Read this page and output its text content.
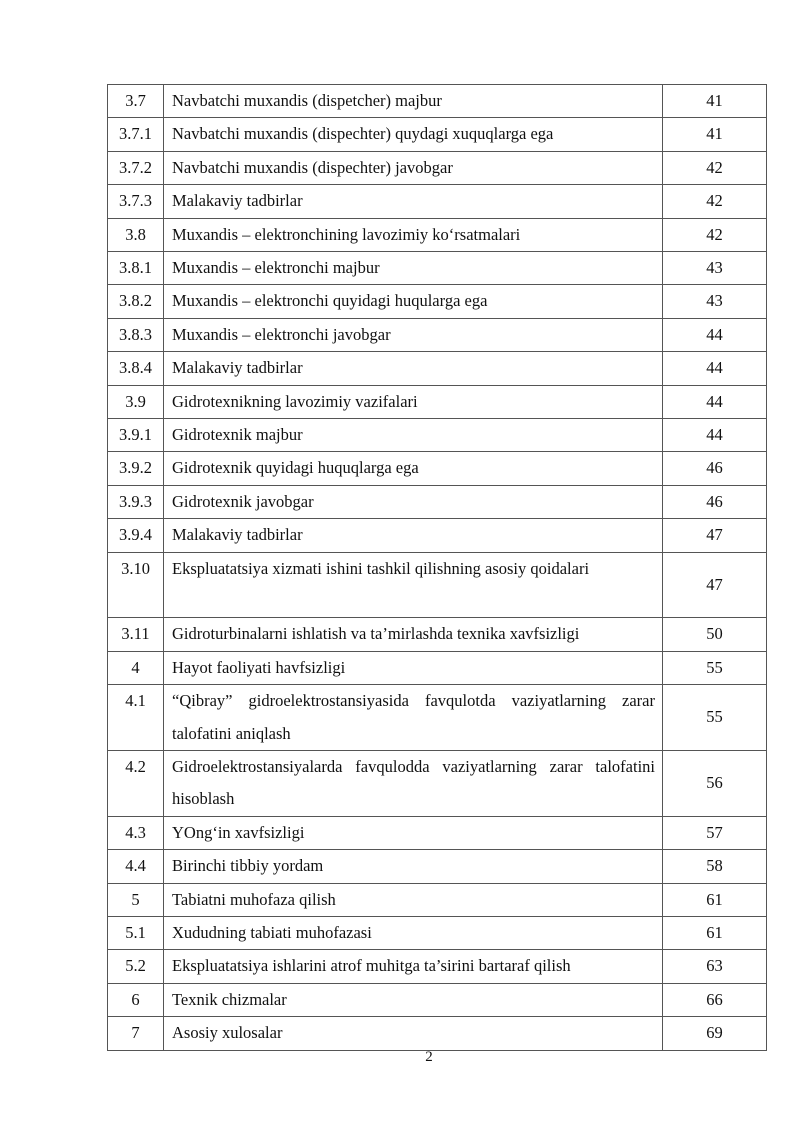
3.7	Navbatchi muxandis (dispetcher) majbur	41
3.7.1	Navbatchi muxandis (dispechter) quydagi xuquqlarga ega	41
3.7.2	Navbatchi muxandis (dispechter) javobgar	42
3.7.3	Malakaviy tadbirlar	42
3.8	Muxandis – elektronchining lavozimiy ko‘rsatmalari	42
3.8.1	Muxandis – elektronchi majbur	43
3.8.2	Muxandis – elektronchi quyidagi huqularga ega	43
3.8.3	Muxandis – elektronchi javobgar	44
3.8.4	Malakaviy tadbirlar	44
3.9	Gidrotexnikning lavozimiy vazifalari	44
3.9.1	Gidrotexnik majbur	44
3.9.2	Gidrotexnik quyidagi huquqlarga ega	46
3.9.3	Gidrotexnik javobgar	46
3.9.4	Malakaviy tadbirlar	47
3.10	Ekspluatatsiya xizmati ishini tashkil qilishning asosiy qoidalari	47
3.11	Gidroturbinalarni ishlatish va ta’mirlashda texnika xavfsizligi	50
4	Hayot faoliyati havfsizligi	55
4.1	“Qibray” gidroelektrostansiyasida favqulotda vaziyatlarning zarar talofatini aniqlash	55
4.2	Gidroelektrostansiyalarda favqulodda vaziyatlarning zarar talofatini hisoblash	56
4.3	YOng‘in xavfsizligi	57
4.4	Birinchi tibbiy yordam	58
5	Tabiatni muhofaza qilish	61
5.1	Xududning tabiati muhofazasi	61
5.2	Ekspluatatsiya ishlarini atrof muhitga ta’sirini bartaraf qilish	63
6	Texnik chizmalar	66
7	Asosiy xulosalar	69
2
